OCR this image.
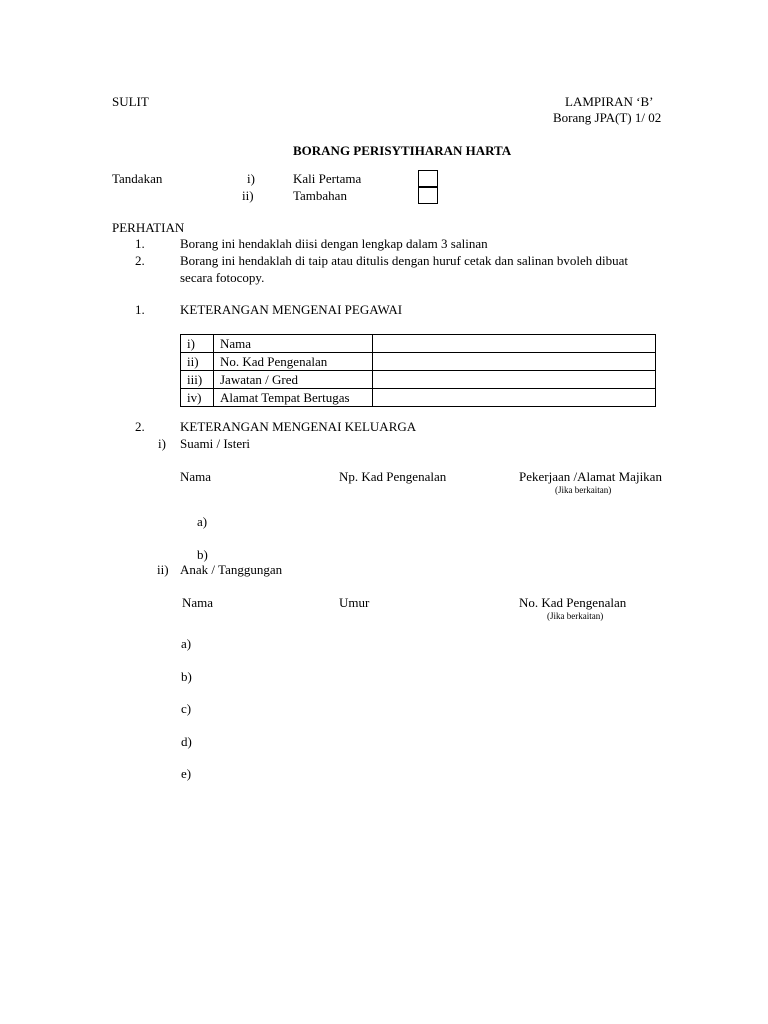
SULIT	LAMPIRAN ‘B’
Borang JPA(T) 1/ 02
BORANG PERISYTIHARAN HARTA
Tandakan	i)	Kali Pertama
ii)	Tambahan
PERHATIAN
1.	Borang ini hendaklah diisi dengan lengkap dalam 3 salinan
2.	Borang ini hendaklah di taip atau ditulis dengan huruf cetak dan salinan bvoleh dibuat
secara fotocopy.
1.	KETERANGAN MENGENAI PEGAWAI
i)	Nama	
ii)	No. Kad Pengenalan	
iii)	Jawatan / Gred	
iv)	Alamat Tempat Bertugas	
2.	KETERANGAN MENGENAI KELUARGA
i) Suami / Isteri
Nama	Np. Kad Pengenalan	Pekerjaan /Alamat Majikan
(Jika berkaitan)
a)
b)
ii) Anak / Tanggungan
Nama	Umur	No. Kad Pengenalan
(Jika berkaitan)
a)
b)
c)
d)
e)
